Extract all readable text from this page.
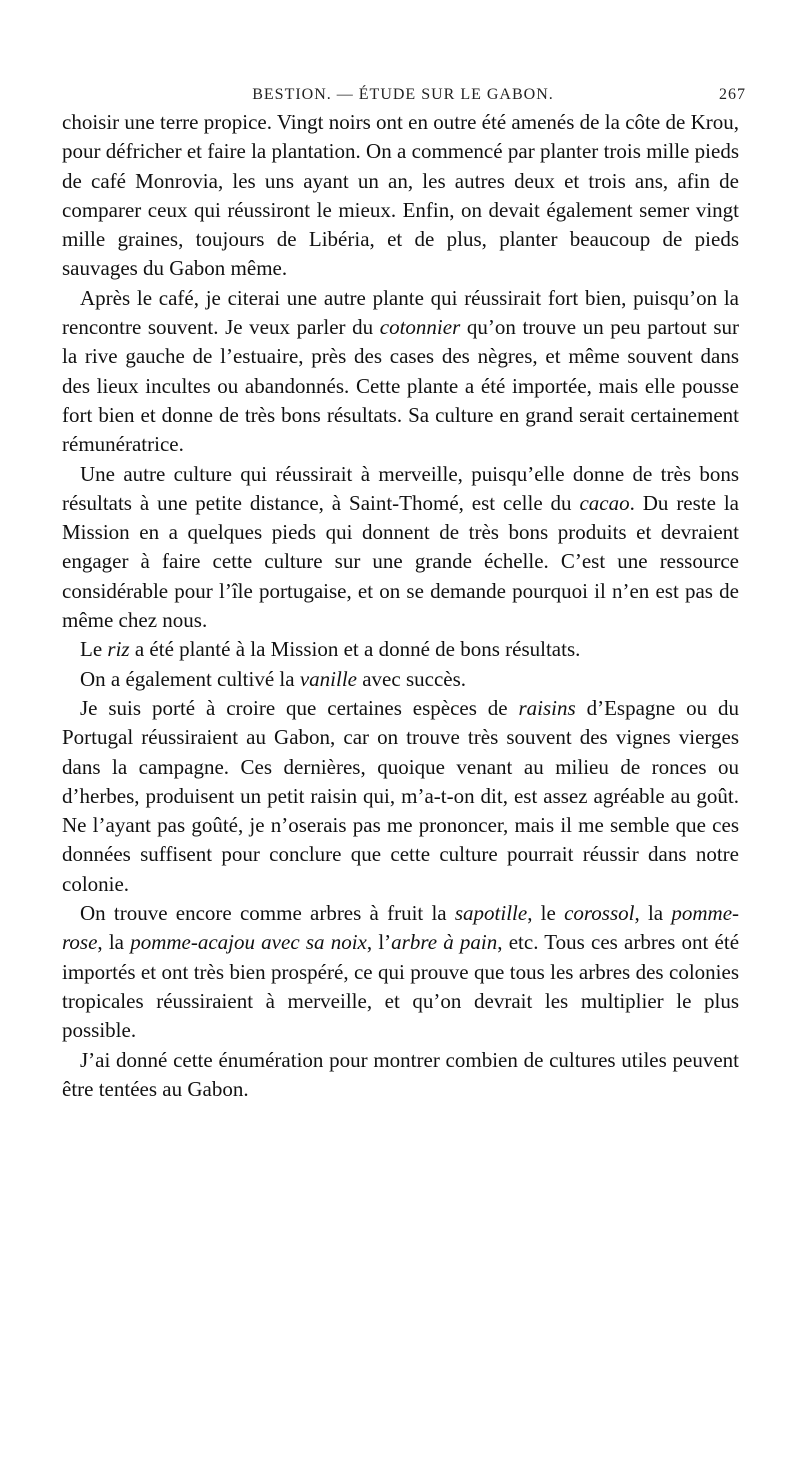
BESTION. — ÉTUDE SUR LE GABON.	267

choisir une terre propice. Vingt noirs ont en outre été amenés de la côte de Krou, pour défricher et faire la plantation. On a commencé par planter trois mille pieds de café Monrovia, les uns ayant un an, les autres deux et trois ans, afin de comparer ceux qui réussiront le mieux. Enfin, on devait également semer vingt mille graines, toujours de Libéria, et de plus, planter beaucoup de pieds sauvages du Gabon même.

Après le café, je citerai une autre plante qui réussirait fort bien, puisqu’on la rencontre souvent. Je veux parler du cotonnier qu’on trouve un peu partout sur la rive gauche de l’estuaire, près des cases des nègres, et même souvent dans des lieux incultes ou abandonnés. Cette plante a été importée, mais elle pousse fort bien et donne de très bons résultats. Sa culture en grand serait certainement rémunératrice.

Une autre culture qui réussirait à merveille, puisqu’elle donne de très bons résultats à une petite distance, à Saint-Thomé, est celle du cacao. Du reste la Mission en a quelques pieds qui donnent de très bons produits et devraient engager à faire cette culture sur une grande échelle. C’est une ressource considérable pour l’île portugaise, et on se demande pourquoi il n’en est pas de même chez nous.

Le riz a été planté à la Mission et a donné de bons résultats.

On a également cultivé la vanille avec succès.

Je suis porté à croire que certaines espèces de raisins d’Espagne ou du Portugal réussiraient au Gabon, car on trouve très souvent des vignes vierges dans la campagne. Ces dernières, quoique venant au milieu de ronces ou d’herbes, produisent un petit raisin qui, m’a-t-on dit, est assez agréable au goût. Ne l’ayant pas goûté, je n’oserais pas me prononcer, mais il me semble que ces données suffisent pour conclure que cette culture pourrait réussir dans notre colonie.

On trouve encore comme arbres à fruit la sapotille, le corossol, la pomme-rose, la pomme-acajou avec sa noix, l’arbre à pain, etc. Tous ces arbres ont été importés et ont très bien prospéré, ce qui prouve que tous les arbres des colonies tropicales réussiraient à merveille, et qu’on devrait les multiplier le plus possible.

J’ai donné cette énumération pour montrer combien de cultures utiles peuvent être tentées au Gabon.
